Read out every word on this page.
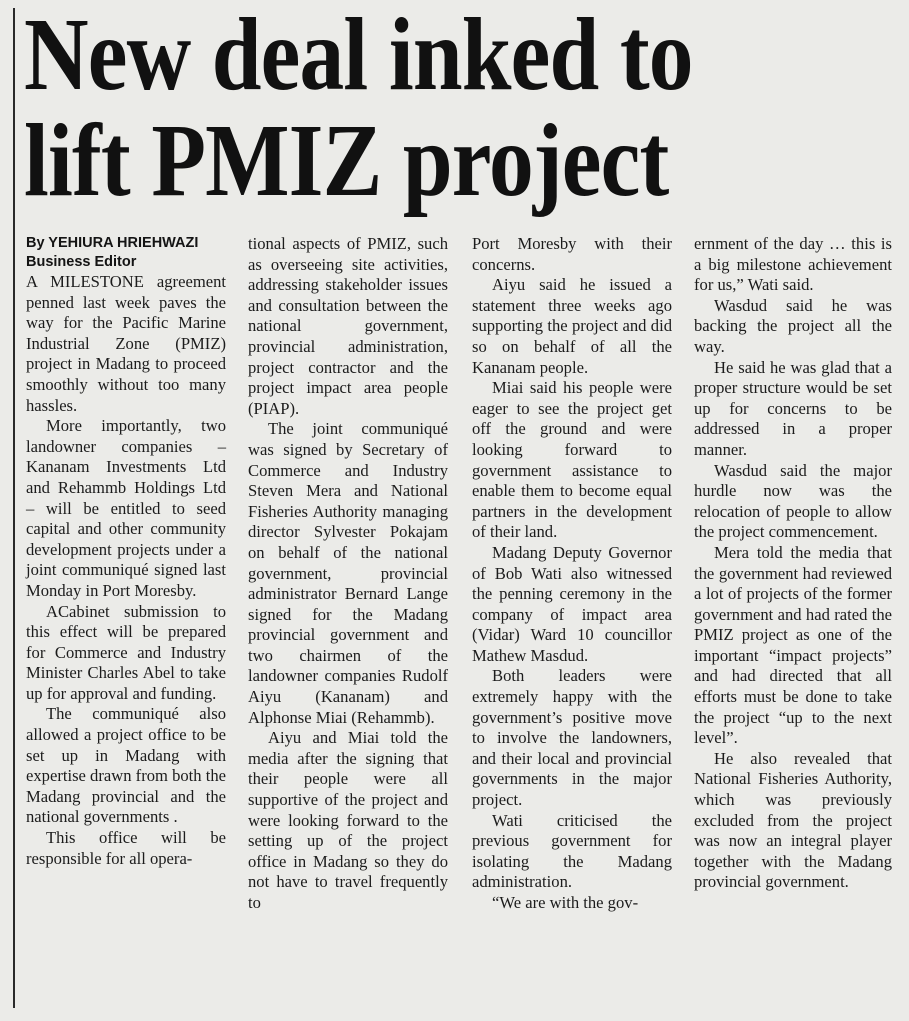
New deal inked to
lift PMIZ project
By YEHIURA HRIEHWAZI
Business Editor

A MILESTONE agreement penned last week paves the way for the Pacific Marine Industrial Zone (PMIZ) project in Madang to proceed smoothly without too many hassles.

More importantly, two landowner companies – Kananam Investments Ltd and Rehammb Holdings Ltd – will be entitled to seed capital and other community development projects under a joint communiqué signed last Monday in Port Moresby.

ACabinet submission to this effect will be prepared for Commerce and Industry Minister Charles Abel to take up for approval and funding.

The communiqué also allowed a project office to be set up in Madang with expertise drawn from both the Madang provincial and the national governments .

This office will be responsible for all opera-

tional aspects of PMIZ, such as overseeing site activities, addressing stakeholder issues and consultation between the national government, provincial administration, project contractor and the project impact area people (PIAP).

The joint communiqué was signed by Secretary of Commerce and Industry Steven Mera and National Fisheries Authority managing director Sylvester Pokajam on behalf of the national government, provincial administrator Bernard Lange signed for the Madang provincial government and two chairmen of the landowner companies Rudolf Aiyu (Kananam) and Alphonse Miai (Rehammb).

Aiyu and Miai told the media after the signing that their people were all supportive of the project and were looking forward to the setting up of the project office in Madang so they do not have to travel frequently to

Port Moresby with their concerns.

Aiyu said he issued a statement three weeks ago supporting the project and did so on behalf of all the Kananam people.

Miai said his people were eager to see the project get off the ground and were looking forward to government assistance to enable them to become equal partners in the development of their land.

Madang Deputy Governor of Bob Wati also witnessed the penning ceremony in the company of impact area (Vidar) Ward 10 councillor Mathew Masdud.

Both leaders were extremely happy with the government’s positive move to involve the landowners, and their local and provincial governments in the major project.

Wati criticised the previous government for isolating the Madang administration.

“We are with the gov-

ernment of the day … this is a big milestone achievement for us,” Wati said.

Wasdud said he was backing the project all the way.

He said he was glad that a proper structure would be set up for concerns to be addressed in a proper manner.

Wasdud said the major hurdle now was the relocation of people to allow the project commencement.

Mera told the media that the government had reviewed a lot of projects of the former government and had rated the PMIZ project as one of the important “impact projects” and had directed that all efforts must be done to take the project “up to the next level”.

He also revealed that National Fisheries Authority, which was previously excluded from the project was now an integral player together with the Madang provincial government.
